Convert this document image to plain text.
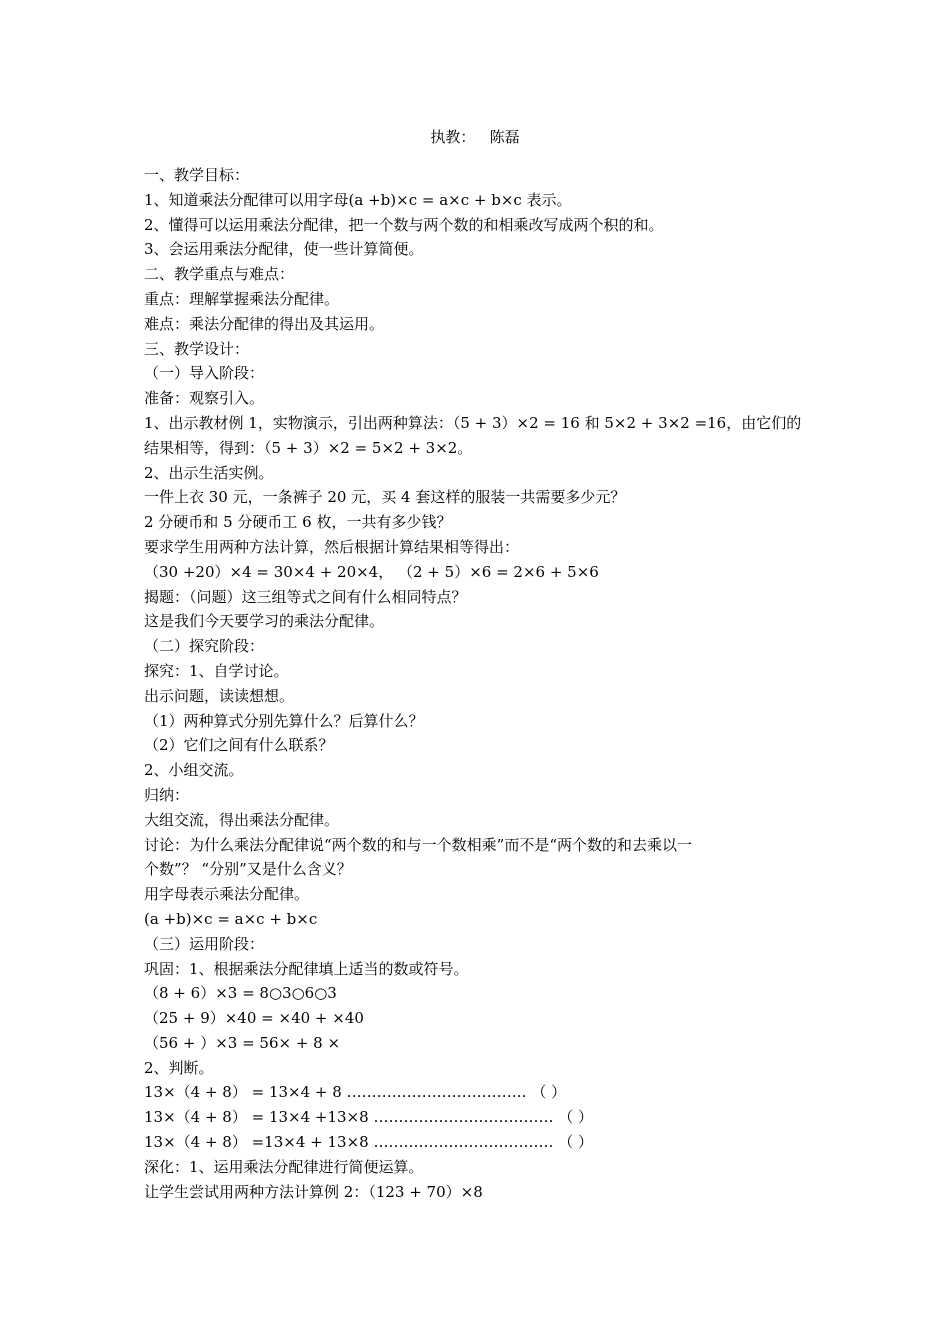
执教： 陈磊

一、教学目标：

1、知道乘法分配律可以用字母(a +b)×c = a×c + b×c 表示。

2、懂得可以运用乘法分配律，把一个数与两个数的和相乘改写成两个积的和。

3、会运用乘法分配律，使一些计算简便。

二、教学重点与难点：

重点：理解掌握乘法分配律。

难点：乘法分配律的得出及其运用。

三、教学设计：

（一）导入阶段：

准备：观察引入。

1、出示教材例 1，实物演示，引出两种算法：（5 + 3）×2 = 16 和 5×2 + 3×2 =16，由它们的

结果相等，得到：（5 + 3）×2 = 5×2 + 3×2。

2、出示生活实例。

一件上衣 30 元，一条裤子 20 元，买 4 套这样的服装一共需要多少元？

2 分硬币和 5 分硬币工 6 枚，一共有多少钱？

要求学生用两种方法计算，然后根据计算结果相等得出：

（30 +20）×4 = 30×4 + 20×4， （2 + 5）×6 = 2×6 + 5×6

揭题：（问题）这三组等式之间有什么相同特点？

这是我们今天要学习的乘法分配律。

（二）探究阶段：

探究：1、自学讨论。

出示问题，读读想想。

（1）两种算式分别先算什么？后算什么？

（2）它们之间有什么联系？

2、小组交流。

归纳：

大组交流，得出乘法分配律。

讨论：为什么乘法分配律说“两个数的和与一个数相乘”而不是“两个数的和去乘以一

个数”？ “分别”又是什么含义？

用字母表示乘法分配律。

(a +b)×c = a×c + b×c

（三）运用阶段：

巩固：1、根据乘法分配律填上适当的数或符号。

（8 + 6）×3 = 8○3○6○3

（25 + 9）×40 = ×40 + ×40

（56 + ）×3 = 56× + 8 ×

2、判断。

13×（4 + 8） = 13×4 + 8 ……………………………… （ ）

13×（4 + 8） = 13×4 +13×8 ……………………………… （ ）

13×（4 + 8） =13×4 + 13×8 ……………………………… （ ）

深化：1、运用乘法分配律进行简便运算。

让学生尝试用两种方法计算例 2：（123 + 70）×8
